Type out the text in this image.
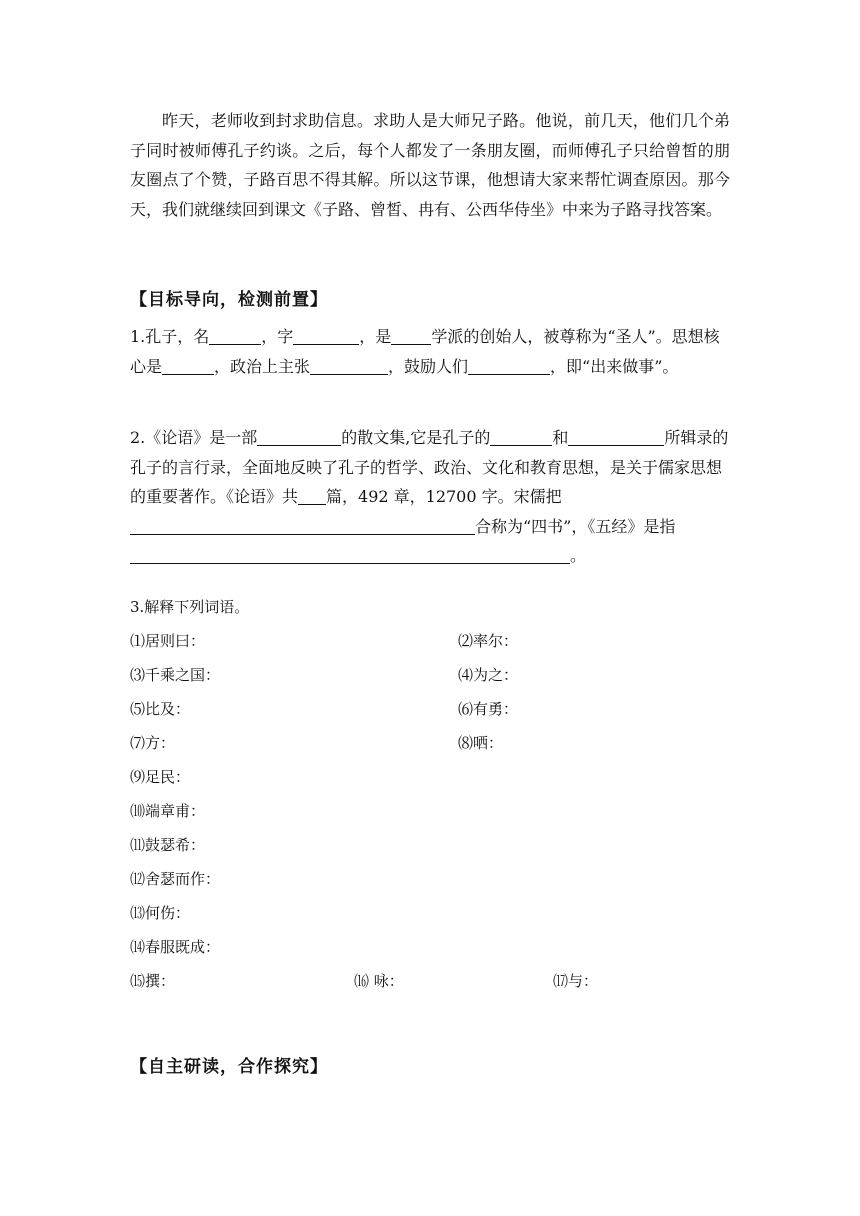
昨天，老师收到封求助信息。求助人是大师兄子路。他说，前几天，他们几个弟子同时被师傅孔子约谈。之后，每个人都发了一条朋友圈，而师傅孔子只给曾皙的朋友圈点了个赞，子路百思不得其解。所以这节课，他想请大家来帮忙调查原因。那今天，我们就继续回到课文《子路、曾皙、冉有、公西华侍坐》中来为子路寻找答案。

【目标导向，检测前置】

1.孔子，名	，字	，是	学派的创始人，被尊称为“圣人”。思想核心是	，政治上主张	，鼓励人们	，即“出来做事”。

2.《论语》是一部	的散文集,它是孔子的	和	所辑录的孔子的言行录，全面地反映了孔子的哲学、政治、文化和教育思想，是关于儒家思想的重要著作。《论语》共 篇，492 章，12700 字。宋儒把合称为“四书”，《五经》是指。

3.解释下列词语。
⑴居则曰：	⑵率尔：
⑶千乘之国：	⑷为之：
⑸比及：	⑹有勇：
⑺方：	⑻哂：
⑼足民：
⑽端章甫：
⑾鼓瑟希：
⑿舍瑟而作：
⒀何伤：
⒁春服既成：
⒂撰：	⒃ 咏：	⒄与：
【自主研读，合作探究】
